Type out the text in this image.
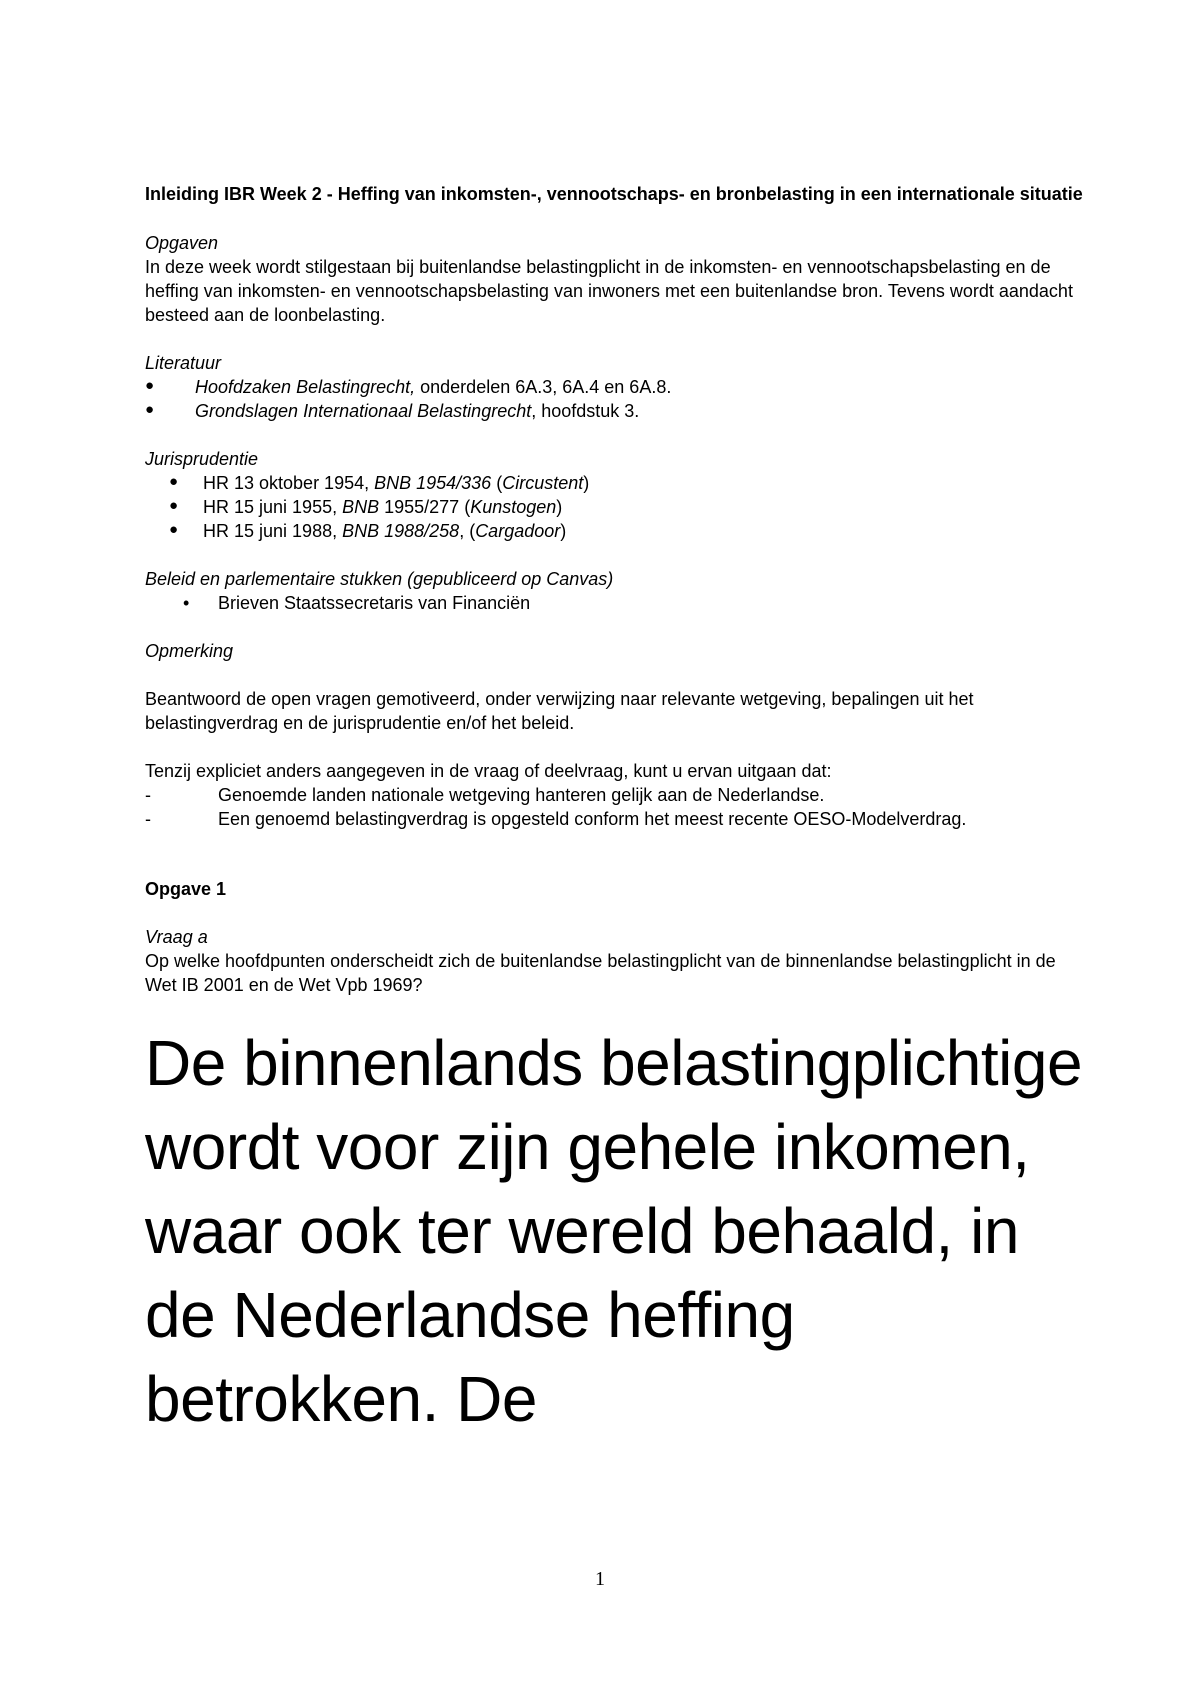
Inleiding IBR Week 2 - Heffing van inkomsten-, vennootschaps- en bronbelasting in een internationale situatie

Opgaven

In deze week wordt stilgestaan bij buitenlandse belastingplicht in de inkomsten- en vennootschapsbelasting en de heffing van inkomsten- en vennootschapsbelasting van inwoners met een buitenlandse bron. Tevens wordt aandacht besteed aan de loonbelasting.

Literatuur

● Hoofdzaken Belastingrecht, onderdelen 6A.3, 6A.4 en 6A.8.
● Grondslagen Internationaal Belastingrecht, hoofdstuk 3.

Jurisprudentie

● HR 13 oktober 1954, BNB 1954/336 (Circustent)
● HR 15 juni 1955, BNB 1955/277 (Kunstogen)
● HR 15 juni 1988, BNB 1988/258, (Cargadoor)

Beleid en parlementaire stukken (gepubliceerd op Canvas)

• Brieven Staatssecretaris van Financiën

Opmerking

Beantwoord de open vragen gemotiveerd, onder verwijzing naar relevante wetgeving, bepalingen uit het belastingverdrag en de jurisprudentie en/of het beleid.

Tenzij expliciet anders aangegeven in de vraag of deelvraag, kunt u ervan uitgaan dat:

- Genoemde landen nationale wetgeving hanteren gelijk aan de Nederlandse.
- Een genoemd belastingverdrag is opgesteld conform het meest recente OESO-Modelverdrag.

Opgave 1

Vraag a

Op welke hoofdpunten onderscheidt zich de buitenlandse belastingplicht van de binnenlandse belastingplicht in de Wet IB 2001 en de Wet Vpb 1969?

De binnenlands belastingplichtige wordt voor zijn gehele inkomen, waar ook ter wereld behaald, in de Nederlandse heffing betrokken. De

1
